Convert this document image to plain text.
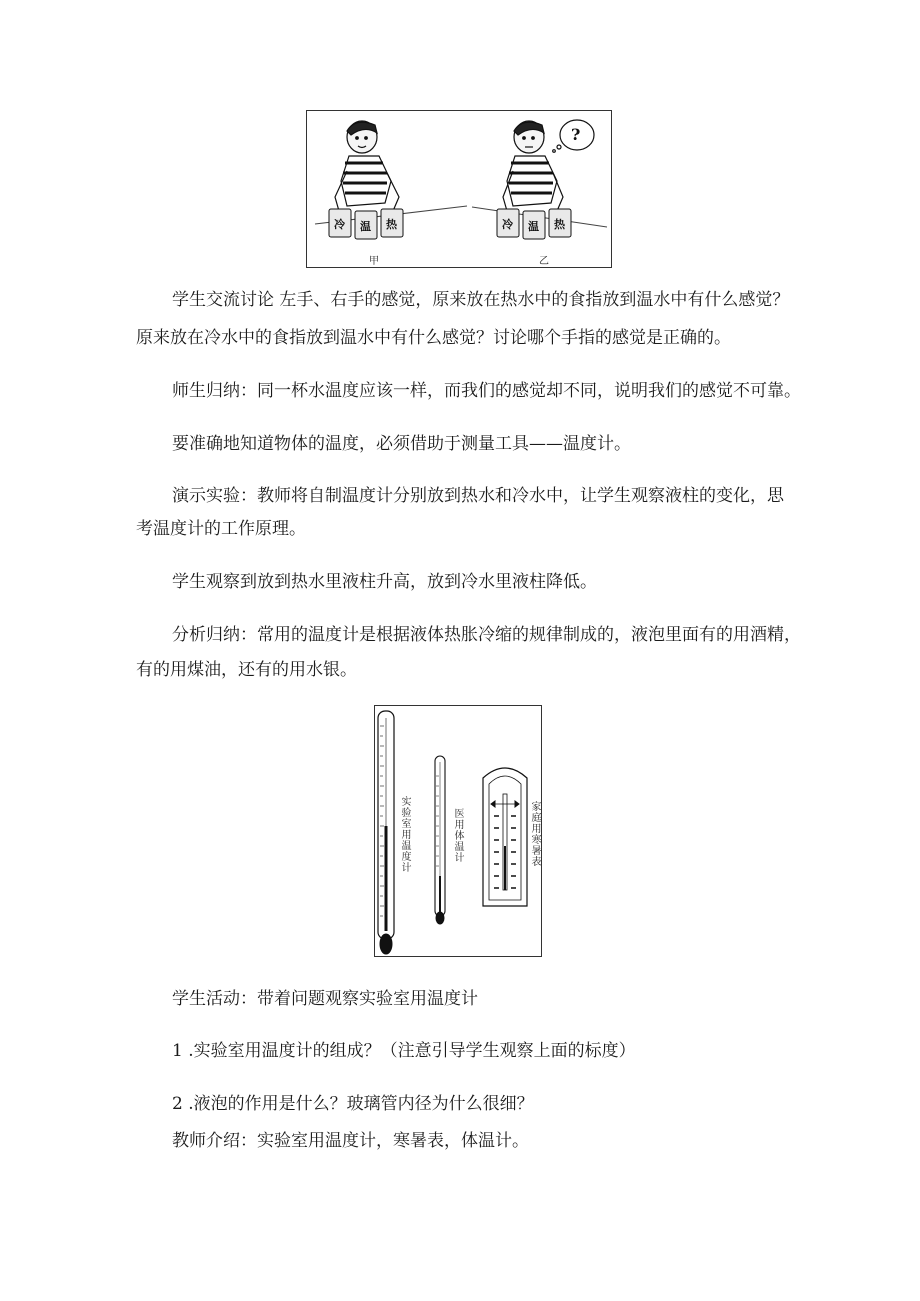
冷 温 热	冷 温 热
?
甲	乙

学生交流讨论 左手、右手的感觉，原来放在热水中的食指放到温水中有什么感觉？

原来放在冷水中的食指放到温水中有什么感觉？讨论哪个手指的感觉是正确的。

师生归纳：同一杯水温度应该一样，而我们的感觉却不同，说明我们的感觉不可靠。

要准确地知道物体的温度，必须借助于测量工具——温度计。

演示实验：教师将自制温度计分别放到热水和冷水中，让学生观察液柱的变化，思

考温度计的工作原理。

学生观察到放到热水里液柱升高，放到冷水里液柱降低。

分析归纳：常用的温度计是根据液体热胀冷缩的规律制成的，液泡里面有的用酒精，

有的用煤油，还有的用水银。

实验室用温度计	医用体温计	家庭用寒暑表

学生活动：带着问题观察实验室用温度计

1 .实验室用温度计的组成？（注意引导学生观察上面的标度）

2 .液泡的作用是什么？玻璃管内径为什么很细？

教师介绍：实验室用温度计，寒暑表，体温计。
